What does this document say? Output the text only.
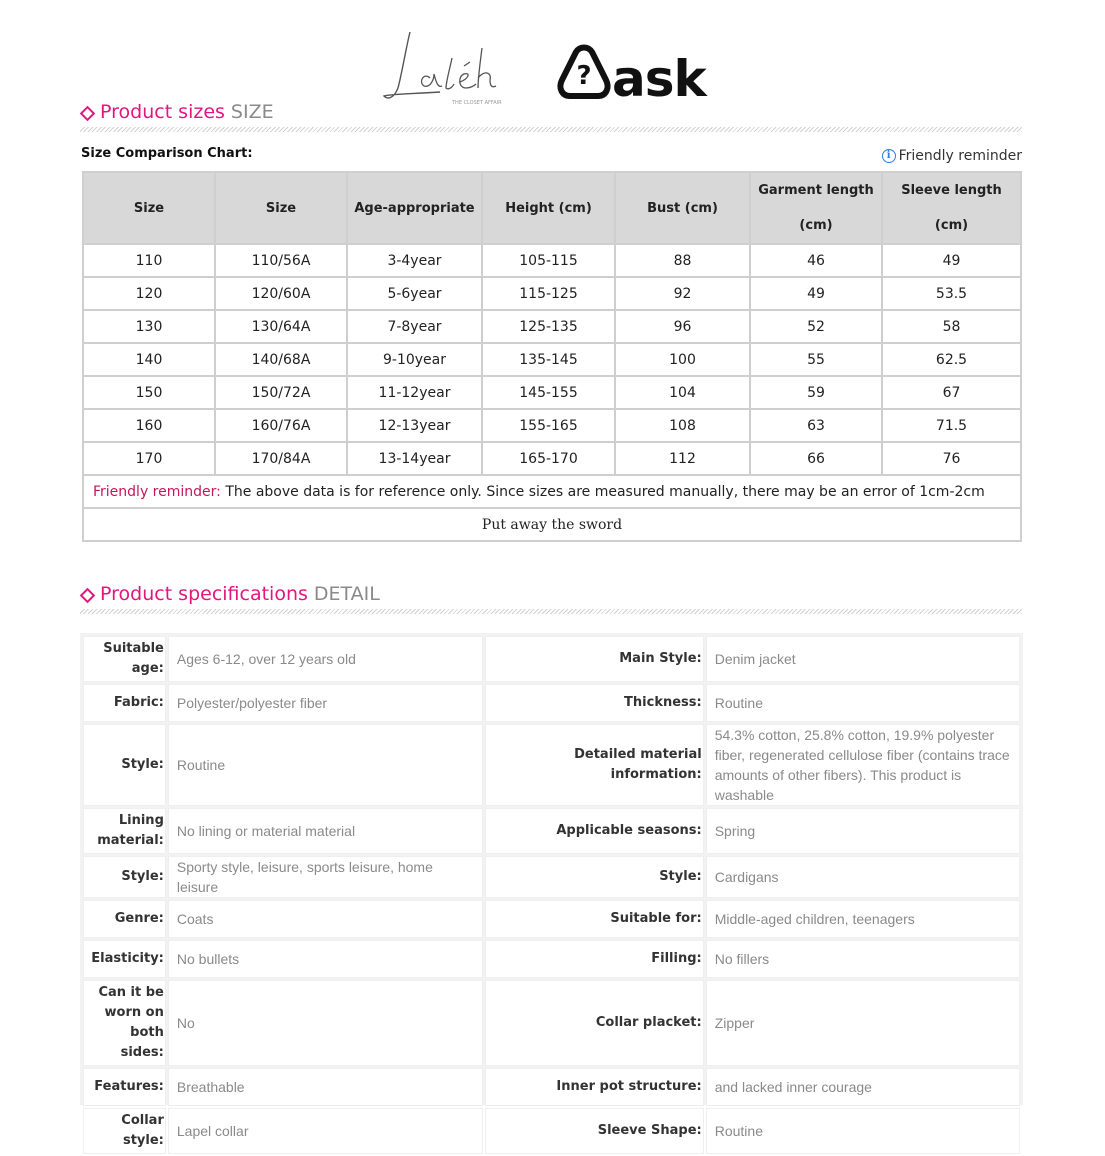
THE CLOSET AFFAIR
? ask
Product sizes SIZE
Size Comparison Chart:	i Friendly reminder
Size	Size	Age-appropriate	Height (cm)	Bust (cm)	Garment length (cm)	Sleeve length (cm)
110	110/56A	3-4year	105-115	88	46	49
120	120/60A	5-6year	115-125	92	49	53.5
130	130/64A	7-8year	125-135	96	52	58
140	140/68A	9-10year	135-145	100	55	62.5
150	150/72A	11-12year	145-155	104	59	67
160	160/76A	12-13year	155-165	108	63	71.5
170	170/84A	13-14year	165-170	112	66	76
Friendly reminder: The above data is for reference only. Since sizes are measured manually, there may be an error of 1cm-2cm						
Put away the sword						
Product specifications DETAIL
Suitable age:	Ages 6-12, over 12 years old	Main Style:	Denim jacket
Fabric:	Polyester/polyester fiber	Thickness:	Routine
Style:	Routine	Detailed material information:	54.3% cotton, 25.8% cotton, 19.9% polyester fiber, regenerated cellulose fiber (contains trace amounts of other fibers). This product is washable
Lining material:	No lining or material material	Applicable seasons:	Spring
Style:	Sporty style, leisure, sports leisure, home leisure	Style:	Cardigans
Genre:	Coats	Suitable for:	Middle-aged children, teenagers
Elasticity:	No bullets	Filling:	No fillers
Can it be worn on both sides:	No	Collar placket:	Zipper
Features:	Breathable	Inner pot structure:	and lacked inner courage
Collar style:	Lapel collar	Sleeve Shape:	Routine
